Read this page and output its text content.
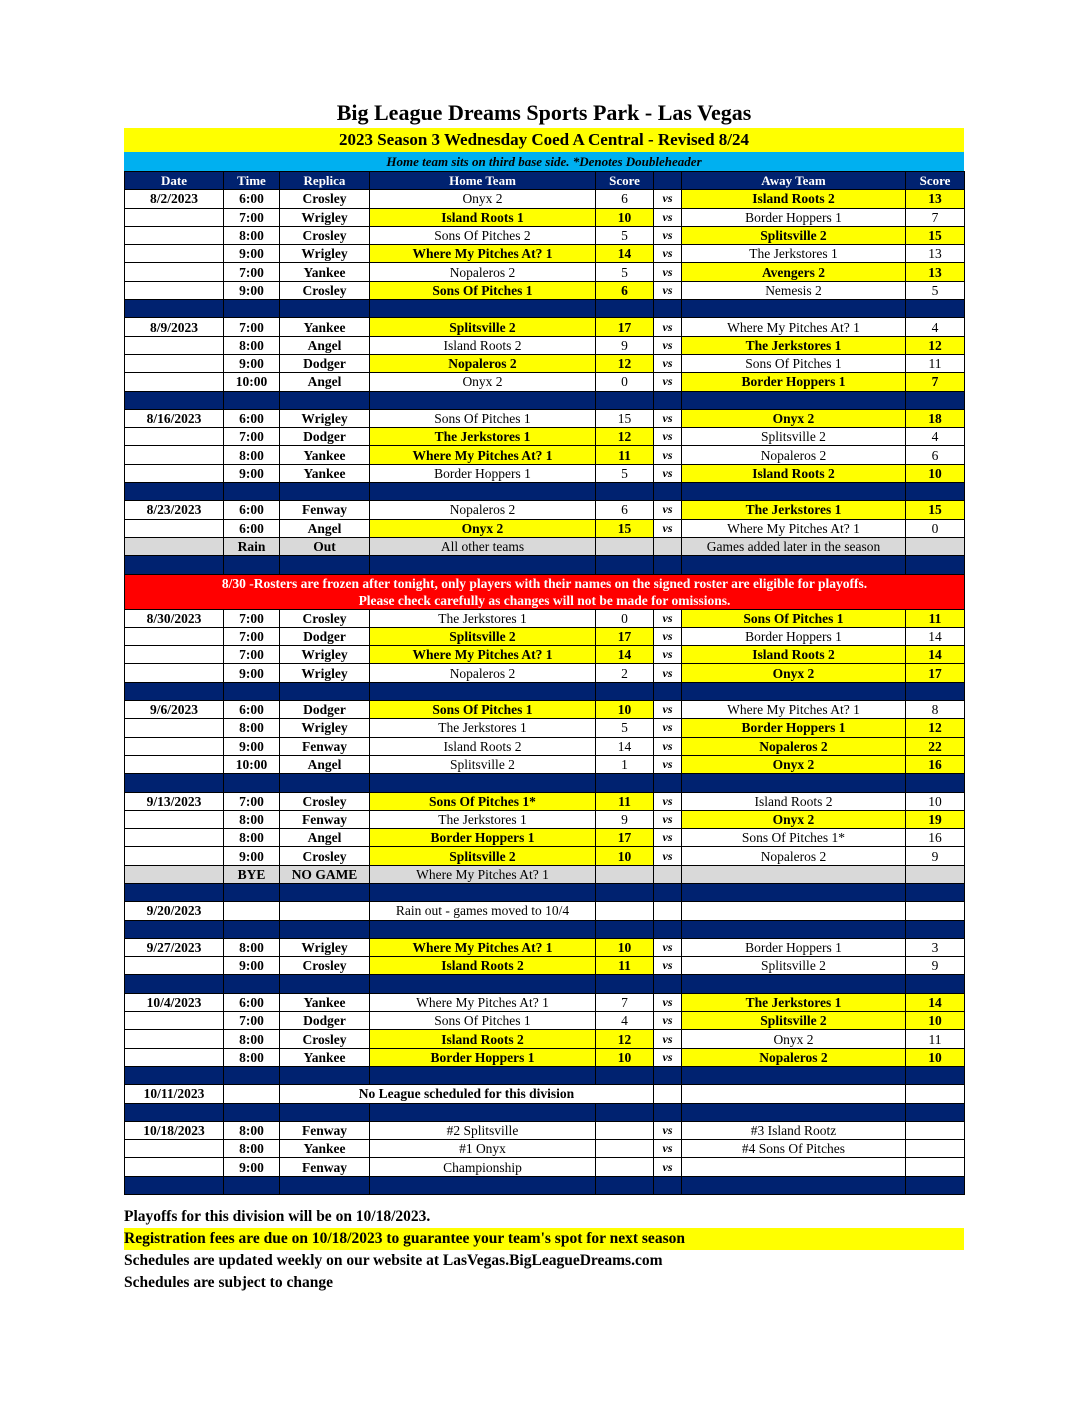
Big League Dreams Sports Park - Las Vegas
2023 Season 3 Wednesday Coed A Central - Revised 8/24
Home team sits on third base side. *Denotes Doubleheader
Date	Time	Replica	Home Team	Score		Away Team	Score
8/2/2023	6:00	Crosley	Onyx 2	6	vs	Island Roots 2	13
	7:00	Wrigley	Island Roots 1	10	vs	Border Hoppers 1	7
	8:00	Crosley	Sons Of Pitches 2	5	vs	Splitsville 2	15
	9:00	Wrigley	Where My Pitches At? 1	14	vs	The Jerkstores 1	13
	7:00	Yankee	Nopaleros 2	5	vs	Avengers 2	13
	9:00	Crosley	Sons Of Pitches 1	6	vs	Nemesis 2	5

8/9/2023	7:00	Yankee	Splitsville 2	17	vs	Where My Pitches At? 1	4
	8:00	Angel	Island Roots 2	9	vs	The Jerkstores 1	12
	9:00	Dodger	Nopaleros 2	12	vs	Sons Of Pitches 1	11
	10:00	Angel	Onyx 2	0	vs	Border Hoppers 1	7

8/16/2023	6:00	Wrigley	Sons Of Pitches 1	15	vs	Onyx 2	18
	7:00	Dodger	The Jerkstores 1	12	vs	Splitsville 2	4
	8:00	Yankee	Where My Pitches At? 1	11	vs	Nopaleros 2	6
	9:00	Yankee	Border Hoppers 1	5	vs	Island Roots 2	10

8/23/2023	6:00	Fenway	Nopaleros 2	6	vs	The Jerkstores 1	15
	6:00	Angel	Onyx 2	15	vs	Where My Pitches At? 1	0
	Rain	Out	All other teams			Games added later in the season	

8/30 -Rosters are frozen after tonight, only players with their names on the signed roster are eligible for playoffs.
Please check carefully as changes will not be made for omissions.							

8/30/2023	7:00	Crosley	The Jerkstores 1	0	vs	Sons Of Pitches 1	11
	7:00	Dodger	Splitsville 2	17	vs	Border Hoppers 1	14
	7:00	Wrigley	Where My Pitches At? 1	14	vs	Island Roots 2	14
	9:00	Wrigley	Nopaleros 2	2	vs	Onyx 2	17

9/6/2023	6:00	Dodger	Sons Of Pitches 1	10	vs	Where My Pitches At? 1	8
	8:00	Wrigley	The Jerkstores 1	5	vs	Border Hoppers 1	12
	9:00	Fenway	Island Roots 2	14	vs	Nopaleros 2	22
	10:00	Angel	Splitsville 2	1	vs	Onyx 2	16

9/13/2023	7:00	Crosley	Sons Of Pitches 1*	11	vs	Island Roots 2	10
	8:00	Fenway	The Jerkstores 1	9	vs	Onyx 2	19
	8:00	Angel	Border Hoppers 1	17	vs	Sons Of Pitches 1*	16
	9:00	Crosley	Splitsville 2	10	vs	Nopaleros 2	9
	BYE	NO GAME	Where My Pitches At? 1				

9/20/2023			Rain out - games moved to 10/4				

9/27/2023	8:00	Wrigley	Where My Pitches At? 1	10	vs	Border Hoppers 1	3
	9:00	Crosley	Island Roots 2	11	vs	Splitsville 2	9

10/4/2023	6:00	Yankee	Where My Pitches At? 1	7	vs	The Jerkstores 1	14
	7:00	Dodger	Sons Of Pitches 1	4	vs	Splitsville 2	10
	8:00	Crosley	Island Roots 2	12	vs	Onyx 2	11
	8:00	Yankee	Border Hoppers 1	10	vs	Nopaleros 2	10

10/11/2023		No League scheduled for this division					

10/18/2023	8:00	Fenway	#2 Splitsville		vs	#3 Island Rootz	
	8:00	Yankee	#1 Onyx		vs	#4 Sons Of Pitches	
	9:00	Fenway	Championship		vs		

Playoffs for this division will be on 10/18/2023.
Registration fees are due on 10/18/2023 to guarantee your team's spot for next season
Schedules are updated weekly on our website at LasVegas.BigLeagueDreams.com
Schedules are subject to change
